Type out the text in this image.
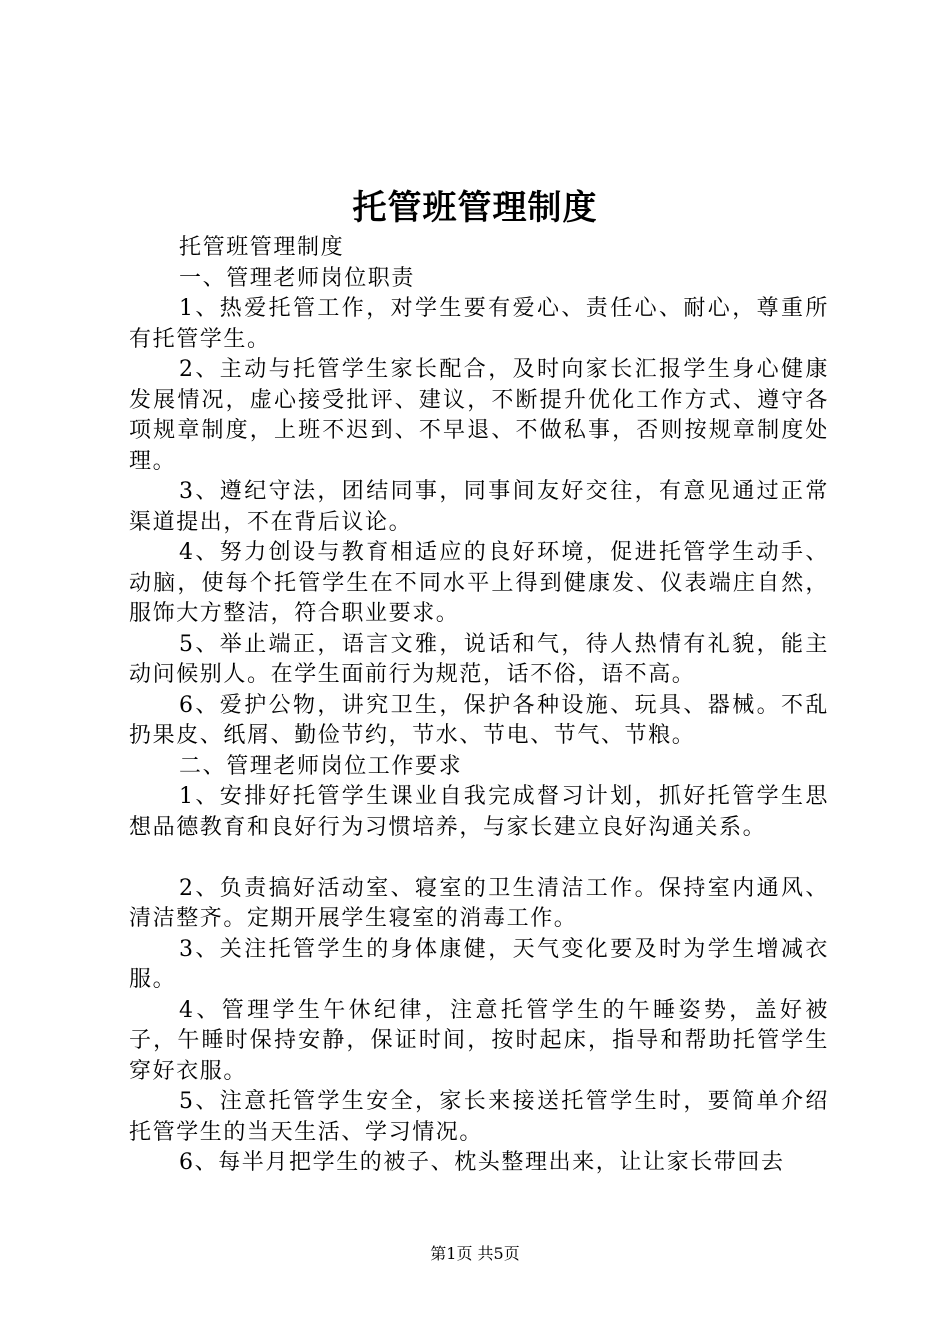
托管班管理制度

托管班管理制度

一、管理老师岗位职责

1、热爱托管工作，对学生要有爱心、责任心、耐心，尊重所有托管学生。

2、主动与托管学生家长配合，及时向家长汇报学生身心健康发展情况，虚心接受批评、建议，不断提升优化工作方式、遵守各项规章制度，上班不迟到、不早退、不做私事，否则按规章制度处理。

3、遵纪守法，团结同事，同事间友好交往，有意见通过正常渠道提出，不在背后议论。

4、努力创设与教育相适应的良好环境，促进托管学生动手、动脑，使每个托管学生在不同水平上得到健康发、仪表端庄自然，服饰大方整洁，符合职业要求。

5、举止端正，语言文雅，说话和气，待人热情有礼貌，能主动问候别人。在学生面前行为规范，话不俗，语不高。

6、爱护公物，讲究卫生，保护各种设施、玩具、器械。不乱扔果皮、纸屑、勤俭节约，节水、节电、节气、节粮。

二、管理老师岗位工作要求

1、安排好托管学生课业自我完成督习计划，抓好托管学生思想品德教育和良好行为习惯培养，与家长建立良好沟通关系。

2、负责搞好活动室、寝室的卫生清洁工作。保持室内通风、清洁整齐。定期开展学生寝室的消毒工作。

3、关注托管学生的身体康健，天气变化要及时为学生增减衣服。

4、管理学生午休纪律，注意托管学生的午睡姿势，盖好被子，午睡时保持安静，保证时间，按时起床，指导和帮助托管学生穿好衣服。

5、注意托管学生安全，家长来接送托管学生时，要简单介绍托管学生的当天生活、学习情况。

6、每半月把学生的被子、枕头整理出来，让让家长带回去

第1页 共5页
